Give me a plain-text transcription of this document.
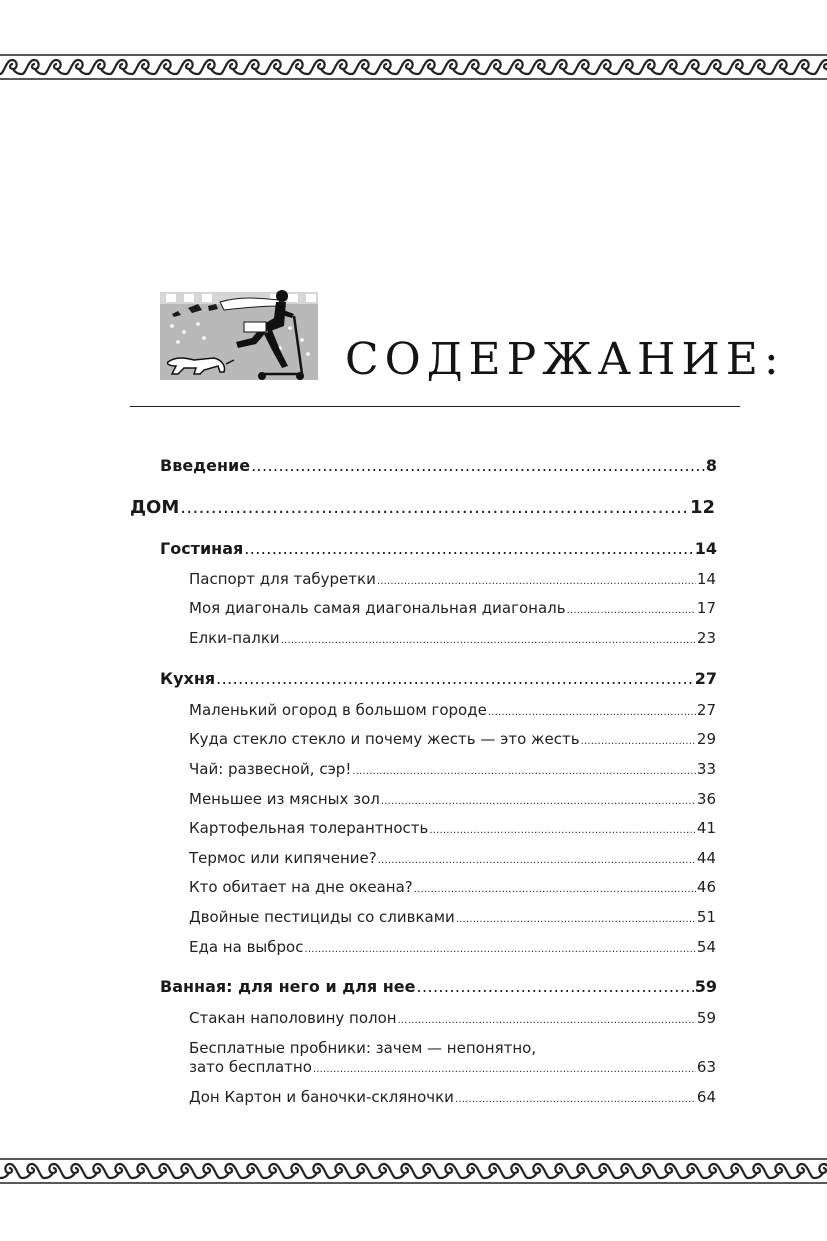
СОДЕРЖАНИЕ:
Введение .....	8
ДОМ .....	12
Гостиная .....	14
Паспорт для табуретки .....	14
Моя диагональ самая диагональная диагональ .....	17
Елки-палки .....	23
Кухня .....	27
Маленький огород в большом городе .....	27
Куда стекло стекло и почему жесть — это жесть .....	29
Чай: развесной, сэр! .....	33
Меньшее из мясных зол .....	36
Картофельная толерантность .....	41
Термос или кипячение? .....	44
Кто обитает на дне океана? .....	46
Двойные пестициды со сливками .....	51
Еда на выброс .....	54
Ванная: для него и для нее .....	59
Стакан наполовину полон .....	59
Бесплатные пробники: зачем — непонятно,
зато бесплатно .....	63
Дон Картон и баночки-скляночки .....	64
